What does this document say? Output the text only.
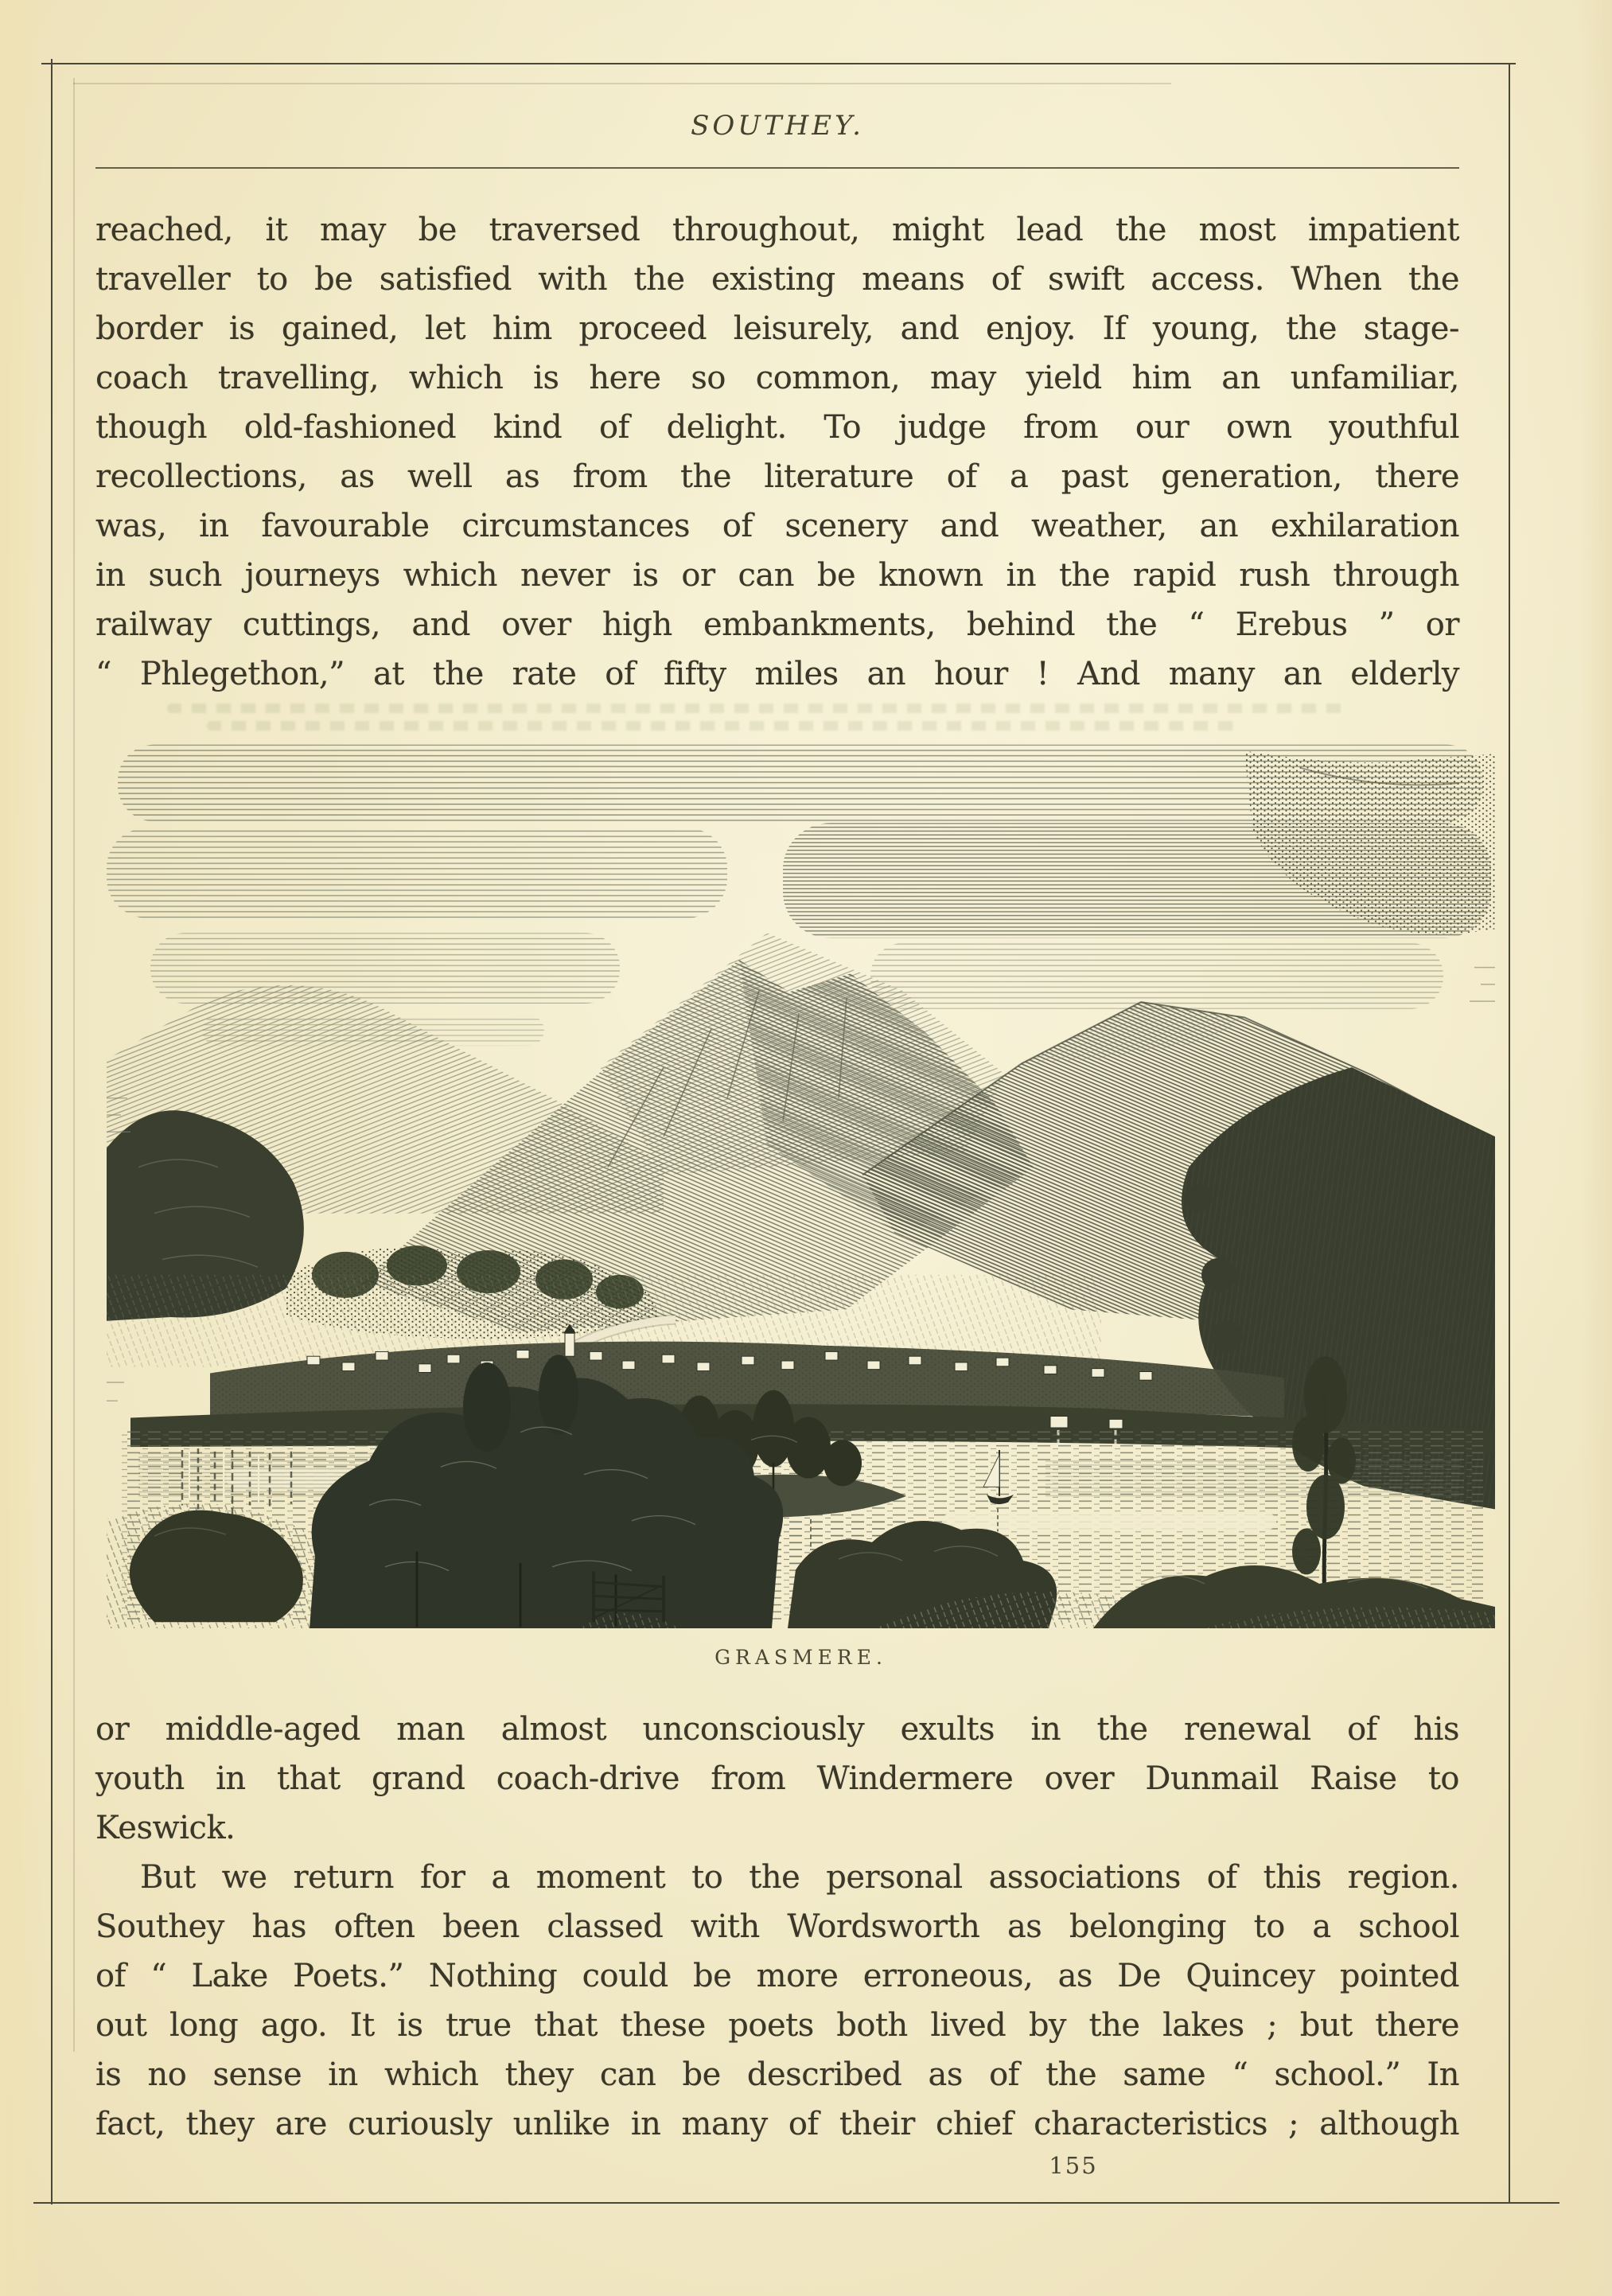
SOUTHEY.

reached, it may be traversed throughout, might lead the most impatient

traveller to be satisfied with the existing means of swift access. When the

border is gained, let him proceed leisurely, and enjoy. If young, the stage-

coach travelling, which is here so common, may yield him an unfamiliar,

though old-fashioned kind of delight. To judge from our own youthful

recollections, as well as from the literature of a past generation, there

was, in favourable circumstances of scenery and weather, an exhilaration

in such journeys which never is or can be known in the rapid rush through

railway cuttings, and over high embankments, behind the “ Erebus ” or

“ Phlegethon,” at the rate of fifty miles an hour ! And many an elderly

GRASMERE.

or middle-aged man almost unconsciously exults in the renewal of his

youth in that grand coach-drive from Windermere over Dunmail Raise to

Keswick.

But we return for a moment to the personal associations of this region.

Southey has often been classed with Wordsworth as belonging to a school

of “ Lake Poets.” Nothing could be more erroneous, as De Quincey pointed

out long ago. It is true that these poets both lived by the lakes ; but there

is no sense in which they can be described as of the same “ school.” In

fact, they are curiously unlike in many of their chief characteristics ; although

155
